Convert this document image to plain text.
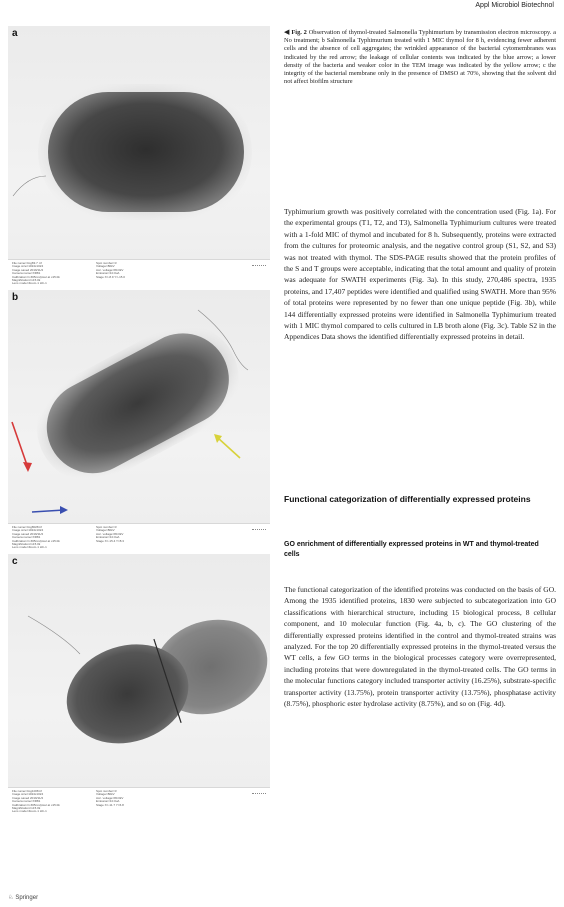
Appl Microbiol Biotechnol
a
File name=Img83.7 .tif
Image size=1024x1024
Image saved 2019/11/2
Camera name=XR81
Calibration=1.665nm/pixel at x15.0k
Magnification=x15.0k
Lens mode=Zoom-1 HC-1
Spot number=3
Voltage=80kV
Acc. voltage=80.0kV
Emission=10.0uA
Stage X=-8.9 Y=-15.0
b
File name=Img8028.tif
Image size=1024x1024
Image saved 2019/11/2
Camera name=XR81
Calibration=1.665nm/pixel at x15.0k
Magnification=x15.0k
Lens mode=Zoom-1 HC-1
Spot number=3
Voltage=80kV
Acc. voltage=80.0kV
Emission=10.0uA
Stage X=-15.4 Y=8.3
c
File name=Img1008.tif
Image size=1024x1024
Image saved 2019/11/2
Camera name=XR81
Calibration=1.665nm/pixel at x15.0k
Magnification=x15.0k
Lens mode=Zoom-1 HC-1
Spot number=3
Voltage=80kV
Acc. voltage=80.0kV
Emission=10.0uA
Stage X=-11.7 Y=6.8
◀ Fig. 2 Observation of thymol-treated Salmonella Typhimurium by transmission electron microscopy. a No treatment; b Salmonella Typhimurium treated with 1 MIC thymol for 8 h, evidencing fewer adherent cells and the absence of cell aggregates; the wrinkled appearance of the bacterial cytomembranes was indicated by the red arrow; the leakage of cellular contents was indicated by the blue arrow; a lower density of the bacteria and weaker color in the TEM image was indicated by the yellow arrow; c the integrity of the bacterial membrane only in the presence of DMSO at 70%, showing that the solvent did not affect biofilm structure

Typhimurium growth was positively correlated with the concentration used (Fig. 1a). For the experimental groups (T1, T2, and T3), Salmonella Typhimurium cultures were treated with a 1-fold MIC of thymol and incubated for 8 h. Subsequently, proteins were extracted from the cultures for proteomic analysis, and the negative control group (S1, S2, and S3) was not treated with thymol. The SDS-PAGE results showed that the protein profiles of the S and T groups were acceptable, indicating that the total amount and quality of protein was adequate for SWATH experiments (Fig. 3a). In this study, 270,486 spectra, 1935 proteins, and 17,407 peptides were identified and qualified using SWATH. More than 95% of total proteins were represented by no fewer than one unique peptide (Fig. 3b), while 144 differentially expressed proteins were identified in Salmonella Typhimurium treated with 1 MIC thymol compared to cells cultured in LB broth alone (Fig. 3c). Table S2 in the Appendices Data shows the identified differentially expressed proteins in detail.

Functional categorization of differentially expressed proteins
GO enrichment of differentially expressed proteins in WT and thymol-treated cells

The functional categorization of the identified proteins was conducted on the basis of GO. Among the 1935 identified proteins, 1830 were subjected to subcategorization into GO classifications with hierarchical structure, including 15 biological process, 8 cellular component, and 10 molecular function (Fig. 4a, b, c). The GO clustering of the differentially expressed proteins identified in the control and thymol-treated strains was analyzed. For the top 20 differentially expressed proteins in the thymol-treated versus the WT cells, a few GO terms in the biological processes category were overrepresented, including proteins that were downregulated in the thymol-treated cells. The GO terms in the molecular functions category included transporter activity (16.25%), substrate-specific transporter activity (13.75%), protein transporter activity (13.75%), phosphatase activity (8.75%), phosphoric ester hydrolase activity (8.75%), and so on (Fig. 4d).

♘ Springer
